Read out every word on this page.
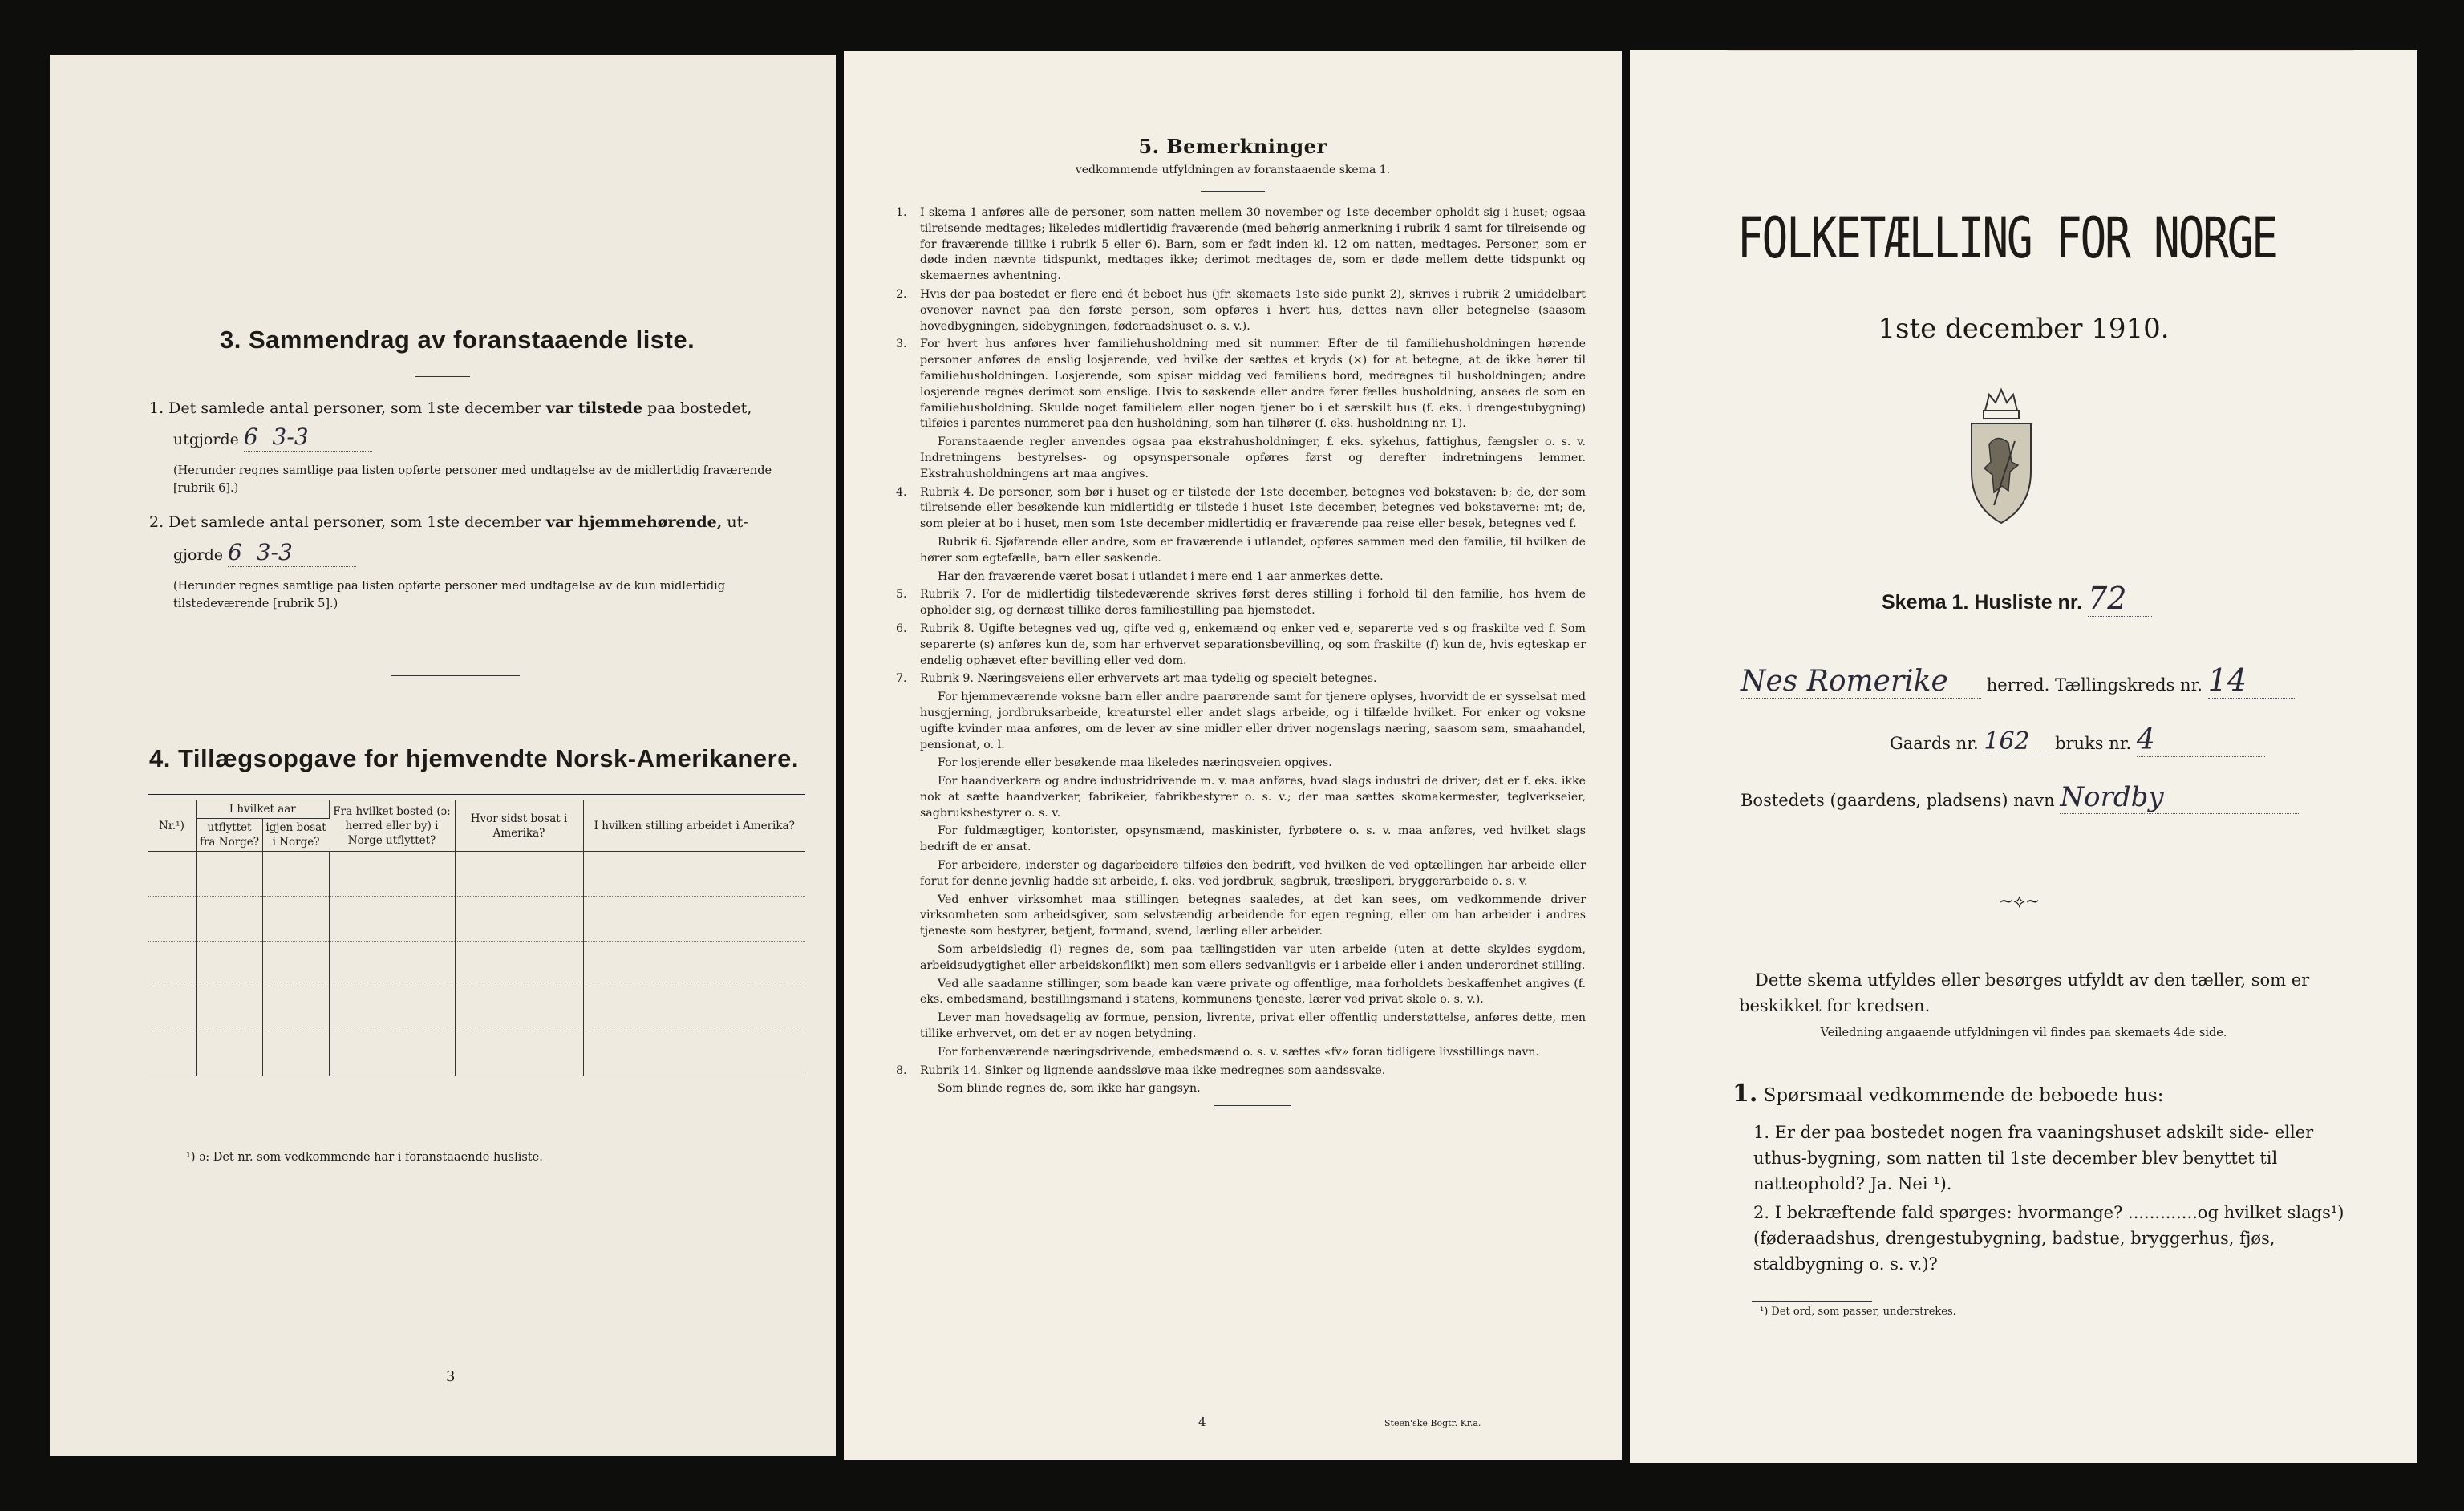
3. Sammendrag av foranstaaende liste.
1. Det samlede antal personer, som 1ste december var tilstede paa bostedet,
utgjorde 6 3-3
(Herunder regnes samtlige paa listen opførte personer med undtagelse av de midlertidig fraværende [rubrik 6].)
2. Det samlede antal personer, som 1ste december var hjemmehørende, ut-
gjorde 6 3-3
(Herunder regnes samtlige paa listen opførte personer med undtagelse av de kun midlertidig tilstedeværende [rubrik 5].)
4. Tillægsopgave for hjemvendte Norsk-Amerikanere.
Nr.¹)	I hvilket aar		Fra hvilket bosted (ɔ: herred eller by) i Norge utflyttet?	Hvor sidst bosat i Amerika?	I hvilken stilling arbeidet i Amerika?
	utflyttet fra Norge?	igjen bosat i Norge?			

¹) ɔ: Det nr. som vedkommende har i foranstaaende husliste.
3
5. Bemerkninger
vedkommende utfyldningen av foranstaaende skema 1.
1. I skema 1 anføres alle de personer, som natten mellem 30 november og 1ste december opholdt sig i huset; ogsaa tilreisende medtages; likeledes midlertidig fraværende (med behørig anmerkning i rubrik 4 samt for tilreisende og for fraværende tillike i rubrik 5 eller 6). Barn, som er født inden kl. 12 om natten, medtages. Personer, som er døde inden nævnte tidspunkt, medtages ikke; derimot medtages de, som er døde mellem dette tidspunkt og skemaernes avhentning.
2. Hvis der paa bostedet er flere end ét beboet hus (jfr. skemaets 1ste side punkt 2), skrives i rubrik 2 umiddelbart ovenover navnet paa den første person, som opføres i hvert hus, dettes navn eller betegnelse (saasom hovedbygningen, sidebygningen, føderaadshuset o. s. v.).
3. For hvert hus anføres hver familiehusholdning med sit nummer. Efter de til familiehusholdningen hørende personer anføres de enslig losjerende, ved hvilke der sættes et kryds (×) for at betegne, at de ikke hører til familiehusholdningen. Losjerende, som spiser middag ved familiens bord, medregnes til husholdningen; andre losjerende regnes derimot som enslige. Hvis to søskende eller andre fører fælles husholdning, ansees de som en familiehusholdning. Skulde noget familielem eller nogen tjener bo i et særskilt hus (f. eks. i drengestubygning) tilføies i parentes nummeret paa den husholdning, som han tilhører (f. eks. husholdning nr. 1).
Foranstaaende regler anvendes ogsaa paa ekstrahusholdninger, f. eks. sykehus, fattighus, fængsler o. s. v. Indretningens bestyrelses- og opsynspersonale opføres først og derefter indretningens lemmer. Ekstrahusholdningens art maa angives.
4. Rubrik 4. De personer, som bør i huset og er tilstede der 1ste december, betegnes ved bokstaven: b; de, der som tilreisende eller besøkende kun midlertidig er tilstede i huset 1ste december, betegnes ved bokstaverne: mt; de, som pleier at bo i huset, men som 1ste december midlertidig er fraværende paa reise eller besøk, betegnes ved f.
Rubrik 6. Sjøfarende eller andre, som er fraværende i utlandet, opføres sammen med den familie, til hvilken de hører som egtefælle, barn eller søskende.
Har den fraværende været bosat i utlandet i mere end 1 aar anmerkes dette.
5. Rubrik 7. For de midlertidig tilstedeværende skrives først deres stilling i forhold til den familie, hos hvem de opholder sig, og dernæst tillike deres familiestilling paa hjemstedet.
6. Rubrik 8. Ugifte betegnes ved ug, gifte ved g, enkemænd og enker ved e, separerte ved s og fraskilte ved f. Som separerte (s) anføres kun de, som har erhvervet separationsbevilling, og som fraskilte (f) kun de, hvis egteskap er endelig ophævet efter bevilling eller ved dom.
7. Rubrik 9. Næringsveiens eller erhvervets art maa tydelig og specielt betegnes.
For hjemmeværende voksne barn eller andre paarørende samt for tjenere oplyses, hvorvidt de er sysselsat med husgjerning, jordbruksarbeide, kreaturstel eller andet slags arbeide, og i tilfælde hvilket. For enker og voksne ugifte kvinder maa anføres, om de lever av sine midler eller driver nogenslags næring, saasom søm, smaahandel, pensionat, o. l.
For losjerende eller besøkende maa likeledes næringsveien opgives.
For haandverkere og andre industridrivende m. v. maa anføres, hvad slags industri de driver; det er f. eks. ikke nok at sætte haandverker, fabrikeier, fabrikbestyrer o. s. v.; der maa sættes skomakermester, teglverkseier, sagbruksbestyrer o. s. v.
For fuldmægtiger, kontorister, opsynsmænd, maskinister, fyrbøtere o. s. v. maa anføres, ved hvilket slags bedrift de er ansat.
For arbeidere, inderster og dagarbeidere tilføies den bedrift, ved hvilken de ved optællingen har arbeide eller forut for denne jevnlig hadde sit arbeide, f. eks. ved jordbruk, sagbruk, træsliperi, bryggerarbeide o. s. v.
Ved enhver virksomhet maa stillingen betegnes saaledes, at det kan sees, om vedkommende driver virksomheten som arbeidsgiver, som selvstændig arbeidende for egen regning, eller om han arbeider i andres tjeneste som bestyrer, betjent, formand, svend, lærling eller arbeider.
Som arbeidsledig (l) regnes de, som paa tællingstiden var uten arbeide (uten at dette skyldes sygdom, arbeidsudygtighet eller arbeidskonflikt) men som ellers sedvanligvis er i arbeide eller i anden underordnet stilling.
Ved alle saadanne stillinger, som baade kan være private og offentlige, maa forholdets beskaffenhet angives (f. eks. embedsmand, bestillingsmand i statens, kommunens tjeneste, lærer ved privat skole o. s. v.).
Lever man hovedsagelig av formue, pension, livrente, privat eller offentlig understøttelse, anføres dette, men tillike erhvervet, om det er av nogen betydning.
For forhenværende næringsdrivende, embedsmænd o. s. v. sættes «fv» foran tidligere livsstillings navn.
8. Rubrik 14. Sinker og lignende aandssløve maa ikke medregnes som aandssvake.
Som blinde regnes de, som ikke har gangsyn.
4	Steen'ske Bogtr. Kr.a.
FOLKETÆLLING FOR NORGE
1ste december 1910.
Skema 1. Husliste nr. 72
Nes Romerike herred. Tællingskreds nr. 14
Gaards nr. 162 bruks nr. 4
Bostedets (gaardens, pladsens) navn Nordby
~⟡~
Dette skema utfyldes eller besørges utfyldt av den tæller, som er beskikket for kredsen.
Veiledning angaaende utfyldningen vil findes paa skemaets 4de side.
1. Spørsmaal vedkommende de beboede hus:
1. Er der paa bostedet nogen fra vaaningshuset adskilt side- eller uthus-bygning, som natten til 1ste december blev benyttet til natteophold? Ja. Nei ¹).
2. I bekræftende fald spørges: hvormange? .............og hvilket slags¹) (føderaadshus, drengestubygning, badstue, bryggerhus, fjøs, staldbygning o. s. v.)?
¹) Det ord, som passer, understrekes.
